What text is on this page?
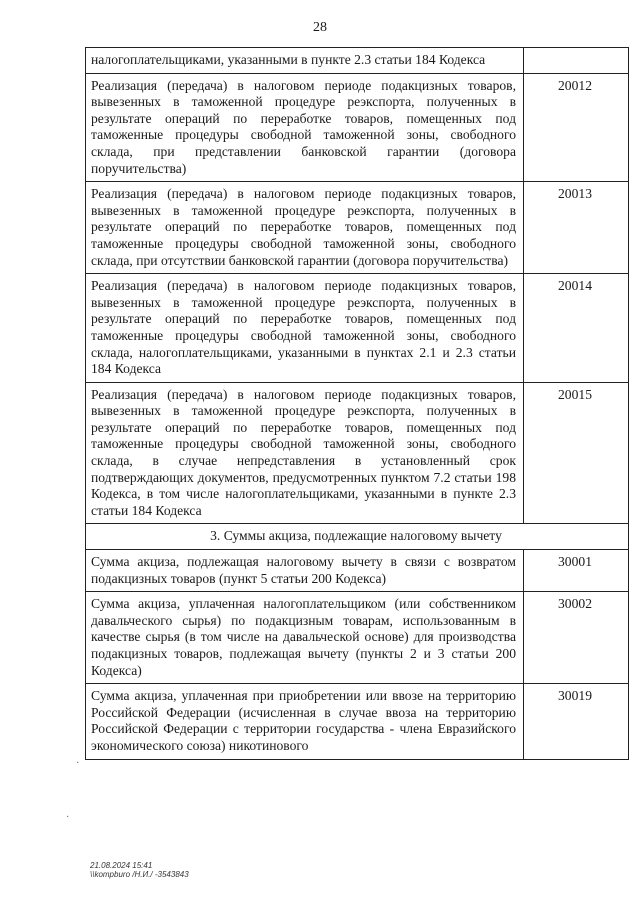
28
налогоплательщиками, указанными в пункте 2.3 статьи 184 Кодекса	
Реализация (передача) в налоговом периоде подакцизных товаров, вывезенных в таможенной процедуре реэкспорта, полученных в результате операций по переработке товаров, помещенных под таможенные процедуры свободной таможенной зоны, свободного склада, при представлении банковской гарантии (договора поручительства)	20012
Реализация (передача) в налоговом периоде подакцизных товаров, вывезенных в таможенной процедуре реэкспорта, полученных в результате операций по переработке товаров, помещенных под таможенные процедуры свободной таможенной зоны, свободного склада, при отсутствии банковской гарантии (договора поручительства)	20013
Реализация (передача) в налоговом периоде подакцизных товаров, вывезенных в таможенной процедуре реэкспорта, полученных в результате операций по переработке товаров, помещенных под таможенные процедуры свободной таможенной зоны, свободного склада, налогоплательщиками, указанными в пунктах 2.1 и 2.3 статьи 184 Кодекса	20014
Реализация (передача) в налоговом периоде подакцизных товаров, вывезенных в таможенной процедуре реэкспорта, полученных в результате операций по переработке товаров, помещенных под таможенные процедуры свободной таможенной зоны, свободного склада, в случае непредставления в установленный срок подтверждающих документов, предусмотренных пунктом 7.2 статьи 198 Кодекса, в том числе налогоплательщиками, указанными в пункте 2.3 статьи 184 Кодекса	20015
3. Суммы акциза, подлежащие налоговому вычету	
Сумма акциза, подлежащая налоговому вычету в связи с возвратом подакцизных товаров (пункт 5 статьи 200 Кодекса)	30001
Сумма акциза, уплаченная налогоплательщиком (или собственником давальческого сырья) по подакцизным товарам, использованным в качестве сырья (в том числе на давальческой основе) для производства подакцизных товаров, подлежащая вычету (пункты 2 и 3 статьи 200 Кодекса)	30002
Сумма акциза, уплаченная при приобретении или ввозе на территорию Российской Федерации (исчисленная в случае ввоза на территорию Российской Федерации с территории государства - члена Евразийского экономического союза) никотинового	30019
·
·
21.08.2024 15:41
\\kompburo /Н.И./ -3543843
